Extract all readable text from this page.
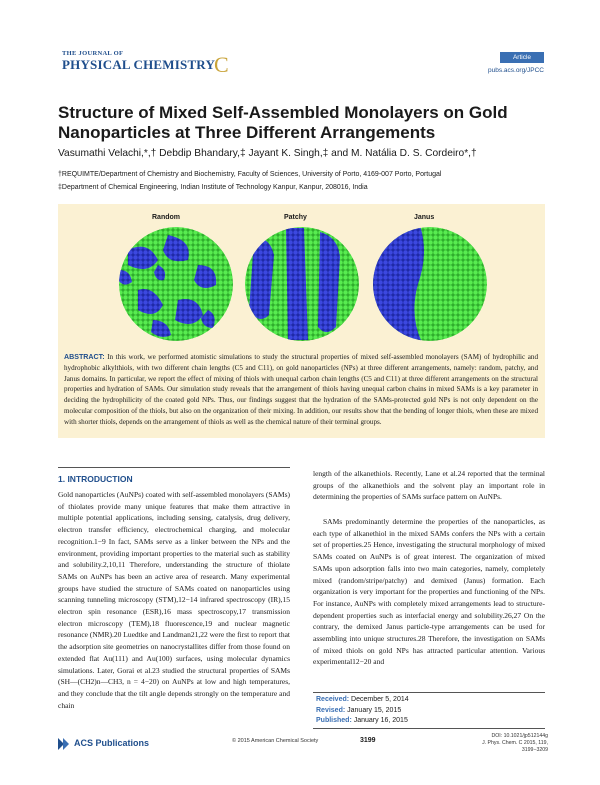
THE JOURNAL OF
PHYSICAL CHEMISTRY
C	Article
pubs.acs.org/JPCC
Structure of Mixed Self-Assembled Monolayers on Gold Nanoparticles at Three Different Arrangements
Vasumathi Velachi,*,† Debdip Bhandary,‡ Jayant K. Singh,‡ and M. Natália D. S. Cordeiro*,†
†REQUIMTE/Department of Chemistry and Biochemistry, Faculty of Sciences, University of Porto, 4169-007 Porto, Portugal
‡Department of Chemical Engineering, Indian Institute of Technology Kanpur, Kanpur, 208016, India
Random	Patchy	Janus
ABSTRACT: In this work, we performed atomistic simulations to study the structural properties of mixed self-assembled monolayers (SAM) of hydrophilic and hydrophobic alkylthiols, with two different chain lengths (C5 and C11), on gold nanoparticles (NPs) at three different arrangements, namely: random, patchy, and Janus domains. In particular, we report the effect of mixing of thiols with unequal carbon chain lengths (C5 and C11) at three different arrangements on the structural properties and hydration of SAMs. Our simulation study reveals that the arrangement of thiols having unequal carbon chains in mixed SAMs is a key parameter in deciding the hydrophilicity of the coated gold NPs. Thus, our findings suggest that the hydration of the SAMs-protected gold NPs is not only dependent on the molecular composition of the thiols, but also on the organization of their mixing. In addition, our results show that the bending of longer thiols, when these are mixed with shorter thiols, depends on the arrangement of thiols as well as the chemical nature of their terminal groups.
1. INTRODUCTION
Gold nanoparticles (AuNPs) coated with self-assembled monolayers (SAMs) of thiolates provide many unique features that make them attractive in multiple potential applications, including sensing, catalysis, drug delivery, electron transfer efficiency, electrochemical charging, and molecular recognition.1−9 In fact, SAMs serve as a linker between the NPs and the environment, providing important properties to the material such as stability and solubility.2,10,11 Therefore, understanding the structure of thiolate SAMs on AuNPs has been an active area of research. Many experimental groups have studied the structure of SAMs coated on nanoparticles using scanning tunneling microscopy (STM),12−14 infrared spectroscopy (IR),15 electron spin resonance (ESR),16 mass spectroscopy,17 transmission electron microscopy (TEM),18 fluorescence,19 and nuclear magnetic resonance (NMR).20 Luedtke and Landman21,22 were the first to report that the adsorption site geometries on nanocrystallites differ from those found on extended flat Au(111) and Au(100) surfaces, using molecular dynamics simulations. Later, Gorai et al.23 studied the structural properties of SAMs (SH—(CH2)n—CH3, n = 4−20) on AuNPs at low and high temperatures, and they conclude that the tilt angle depends strongly on the temperature and chain
length of the alkanethiols. Recently, Lane et al.24 reported that the terminal groups of the alkanethiols and the solvent play an important role in determining the properties of SAMs surface pattern on AuNPs.
SAMs predominantly determine the properties of the nanoparticles, as each type of alkanethiol in the mixed SAMs confers the NPs with a certain set of properties.25 Hence, investigating the structural morphology of mixed SAMs coated on AuNPs is of great interest. The organization of mixed SAMs upon adsorption falls into two main categories, namely, completely mixed (random/stripe/patchy) and demixed (Janus) formation. Each organization is very important for the properties and functioning of the NPs. For instance, AuNPs with completely mixed arrangements lead to structure-dependent properties such as interfacial energy and solubility.26,27 On the contrary, the demixed Janus particle-type arrangements can be used for assembling into unique structures.28 Therefore, the investigation on SAMs of mixed thiols on gold NPs has attracted particular attention. Various experimental12−20 and
Received: December 5, 2014
Revised: January 15, 2015
Published: January 16, 2015
ACS Publications	© 2015 American Chemical Society	3199
DOI: 10.1021/jp512144g
J. Phys. Chem. C 2015, 119, 3199−3209
